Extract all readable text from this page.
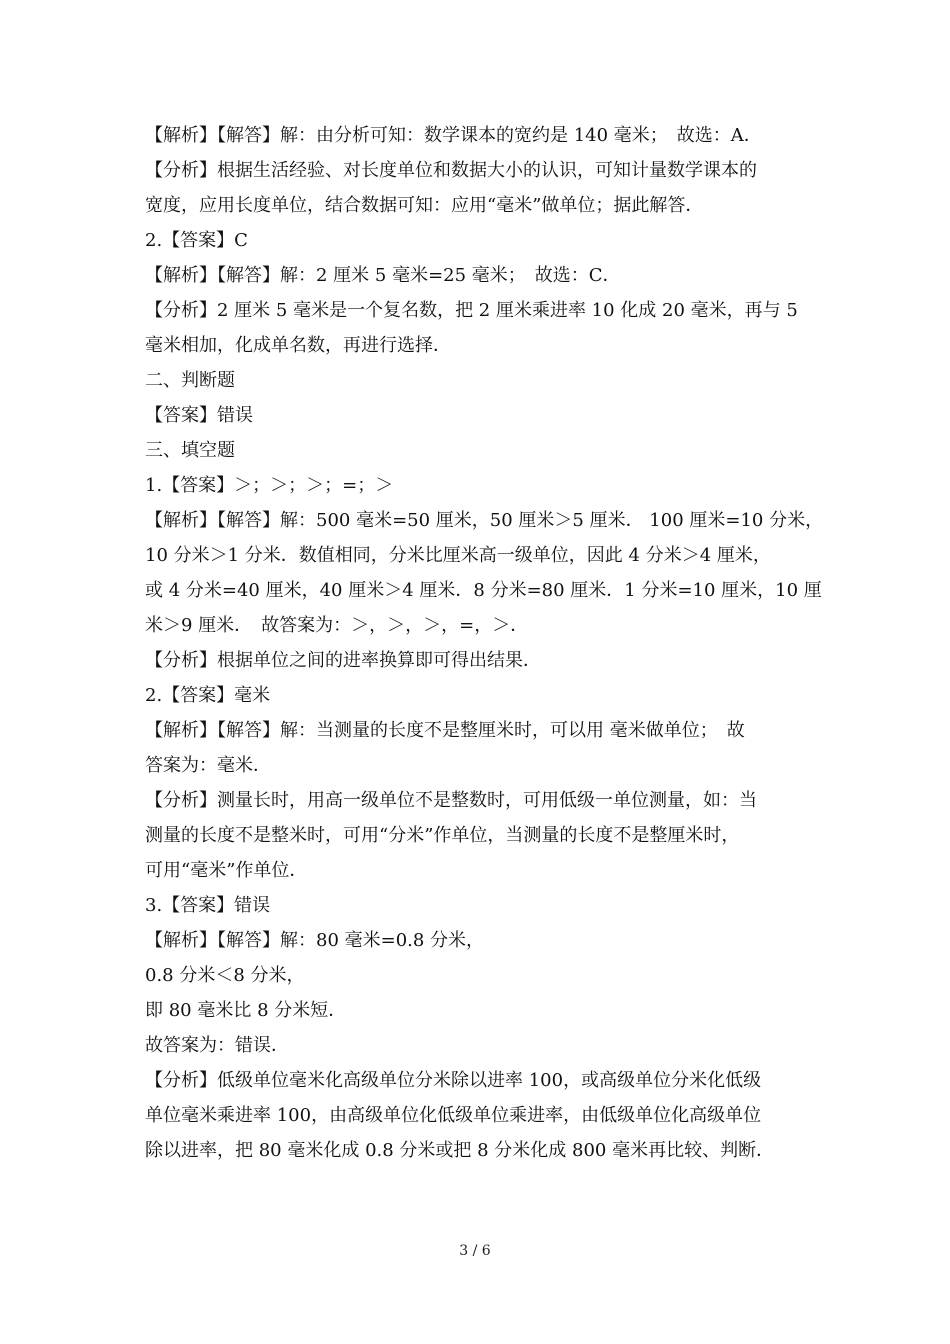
【解析】【解答】解：由分析可知：数学课本的宽约是 140 毫米；　故选：A．
【分析】根据生活经验、对长度单位和数据大小的认识，可知计量数学课本的
宽度，应用长度单位，结合数据可知：应用“毫米”做单位；据此解答．
2.【答案】C
【解析】【解答】解：2 厘米 5 毫米=25 毫米；　故选：C．
【分析】2 厘米 5 毫米是一个复名数，把 2 厘米乘进率 10 化成 20 毫米，再与 5
毫米相加，化成单名数，再进行选择．
二、判断题
【答案】错误
三、填空题
1.【答案】＞；＞；＞；=；＞
【解析】【解答】解：500 毫米=50 厘米，50 厘米＞5 厘米． 100 厘米=10 分米，
10 分米＞1 分米．数值相同，分米比厘米高一级单位，因此 4 分米＞4 厘米，
或 4 分米=40 厘米，40 厘米＞4 厘米．8 分米=80 厘米．1 分米=10 厘米，10 厘
米＞9 厘米．　故答案为：＞，＞，＞，=，＞．
【分析】根据单位之间的进率换算即可得出结果．
2.【答案】毫米
【解析】【解答】解：当测量的长度不是整厘米时，可以用 毫米做单位；　故
答案为：毫米．
【分析】测量长时，用高一级单位不是整数时，可用低级一单位测量，如：当
测量的长度不是整米时，可用“分米”作单位，当测量的长度不是整厘米时，
可用“毫米”作单位．
3.【答案】错误
【解析】【解答】解：80 毫米=0.8 分米，
0.8 分米＜8 分米，
即 80 毫米比 8 分米短．
故答案为：错误．
【分析】低级单位毫米化高级单位分米除以进率 100，或高级单位分米化低级
单位毫米乘进率 100，由高级单位化低级单位乘进率，由低级单位化高级单位
除以进率，把 80 毫米化成 0.8 分米或把 8 分米化成 800 毫米再比较、判断．
3 / 6
